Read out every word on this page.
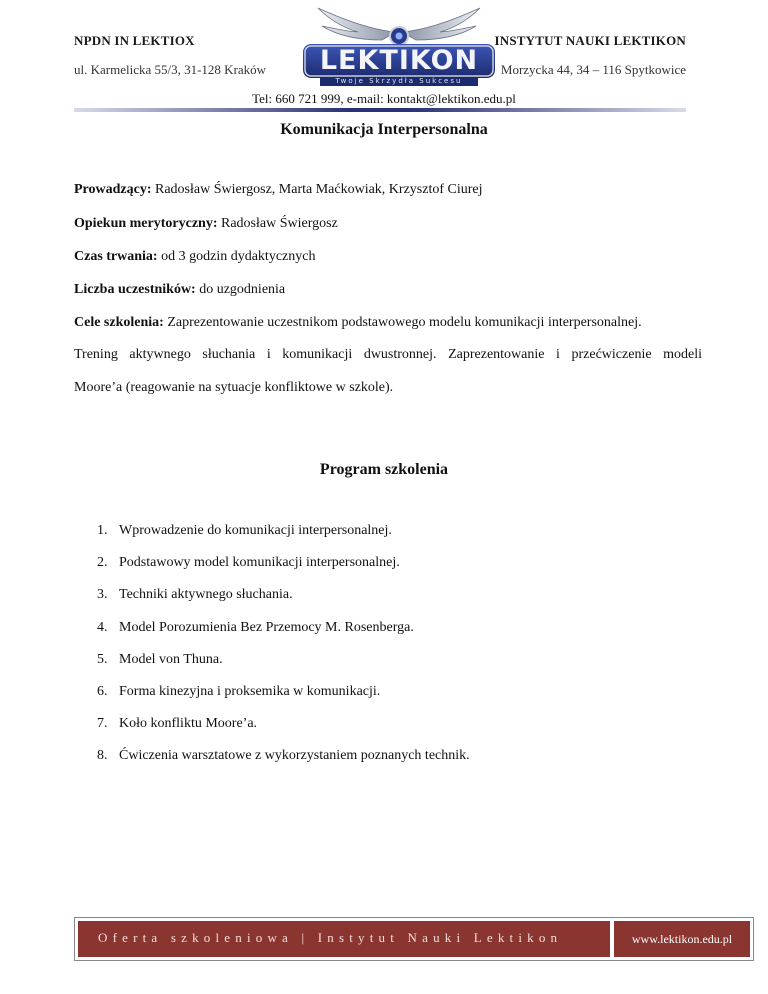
NPDN IN LEKTIOX
ul. Karmelicka 55/3, 31-128 Kraków	LEKTIKON
Twoje Skrzydła Sukcesu
INSTYTUT NAUKI LEKTIKON
Morzycka 44, 34 – 116 Spytkowice
Tel: 660 721 999, e-mail: kontakt@lektikon.edu.pl
Komunikacja Interpersonalna
Prowadzący: Radosław Świergosz, Marta Maćkowiak, Krzysztof Ciurej
Opiekun merytoryczny: Radosław Świergosz
Czas trwania: od 3 godzin dydaktycznych
Liczba uczestników: do uzgodnienia
Cele szkolenia: Zaprezentowanie uczestnikom podstawowego modelu komunikacji interpersonalnej.
Trening aktywnego słuchania i komunikacji dwustronnej. Zaprezentowanie i przećwiczenie modeli
Moore’a (reagowanie na sytuacje konfliktowe w szkole).
Program szkolenia
1. Wprowadzenie do komunikacji interpersonalnej.
2. Podstawowy model komunikacji interpersonalnej.
3. Techniki aktywnego słuchania.
4. Model Porozumienia Bez Przemocy M. Rosenberga.
5. Model von Thuna.
6. Forma kinezyjna i proksemika w komunikacji.
7. Koło konfliktu Moore’a.
8. Ćwiczenia warsztatowe z wykorzystaniem poznanych technik.
Oferta szkoleniowa | Instytut Nauki Lektikon	www.lektikon.edu.pl
